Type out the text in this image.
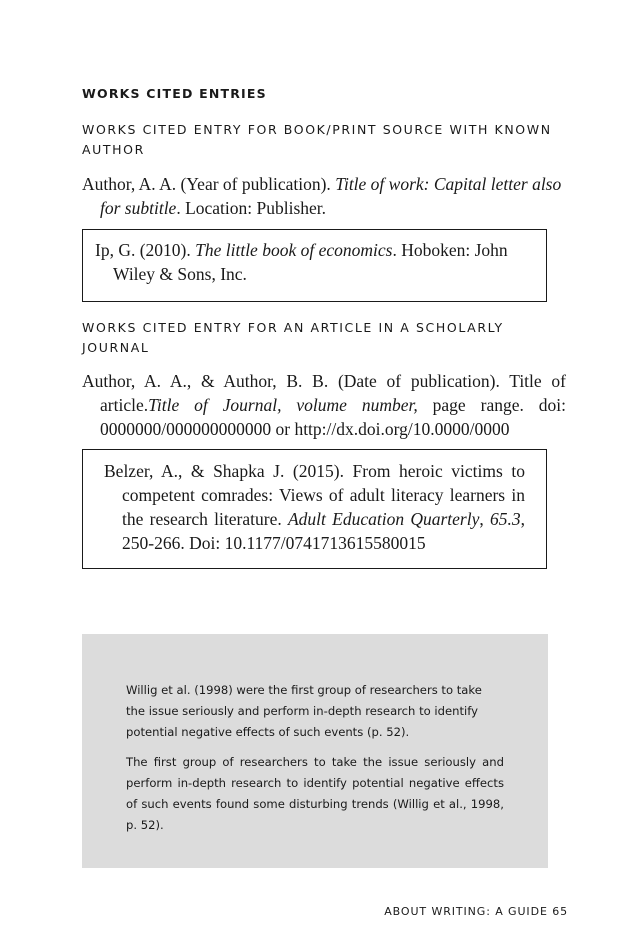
WORKS CITED ENTRIES
WORKS CITED ENTRY FOR BOOK/PRINT SOURCE WITH KNOWN AUTHOR
Author, A. A. (Year of publication). Title of work: Capital letter also for subtitle. Location: Publisher.
Ip, G. (2010). The little book of economics. Hoboken: John Wiley & Sons, Inc.
WORKS CITED ENTRY FOR AN ARTICLE IN A SCHOLARLY JOURNAL
Author, A. A., & Author, B. B. (Date of publication). Title of article.Title of Journal, volume number, page range. doi: 0000000/000000000000 or http://dx.doi.org/10.0000/0000
Belzer, A., & Shapka J. (2015). From heroic victims to competent comrades: Views of adult literacy learners in the research literature. Adult Education Quarterly, 65.3, 250-266. Doi: 10.1177/0741713615580015
Willig et al. (1998) were the first group of researchers to take the issue seriously and perform in-depth research to identify potential negative effects of such events (p. 52).
The first group of researchers to take the issue seriously and perform in-depth research to identify potential negative effects of such events found some disturbing trends (Willig et al., 1998, p. 52).
ABOUT WRITING: A GUIDE 65
